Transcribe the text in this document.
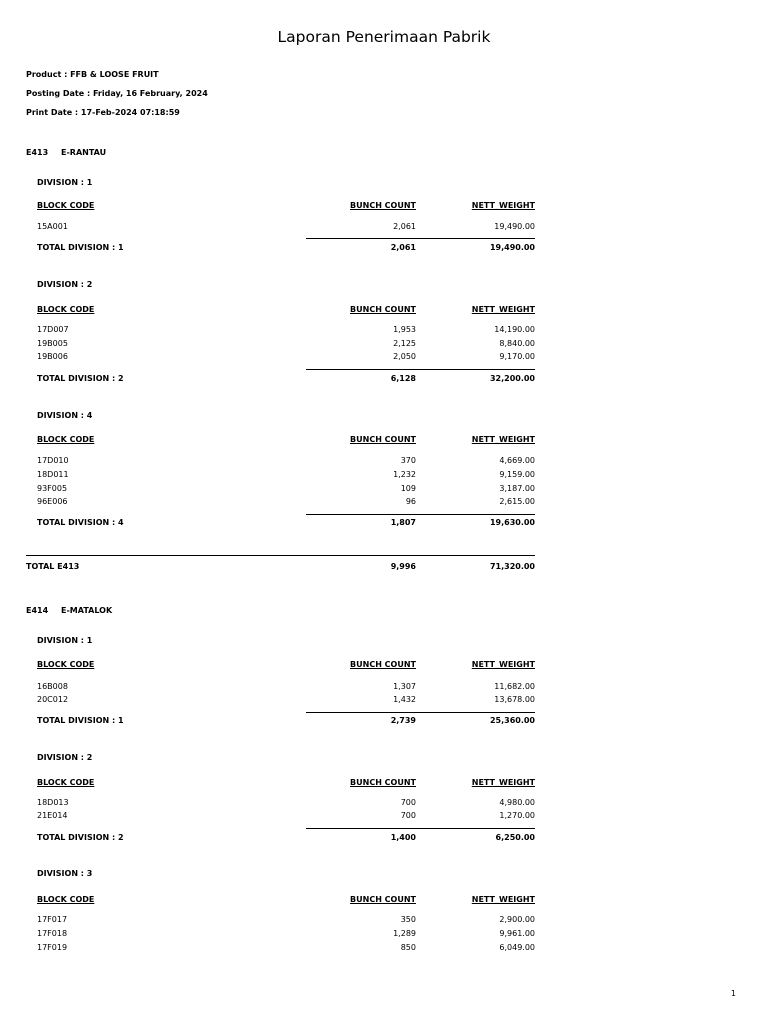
Laporan Penerimaan Pabrik
Product : FFB & LOOSE FRUIT
Posting Date : Friday, 16 February, 2024
Print Date : 17-Feb-2024 07:18:59
E413 E-RANTAU
DIVISION : 1
BLOCK CODE	BUNCH COUNT	NETT_WEIGHT
15A001	2,061	19,490.00
TOTAL DIVISION : 1	2,061	19,490.00
DIVISION : 2
BLOCK CODE	BUNCH COUNT	NETT_WEIGHT
17D007	1,953	14,190.00
19B005	2,125	8,840.00
19B006	2,050	9,170.00
TOTAL DIVISION : 2	6,128	32,200.00
DIVISION : 4
BLOCK CODE	BUNCH COUNT	NETT_WEIGHT
17D010	370	4,669.00
18D011	1,232	9,159.00
93F005	109	3,187.00
96E006	96	2,615.00
TOTAL DIVISION : 4	1,807	19,630.00
TOTAL E413	9,996	71,320.00
E414 E-MATALOK
DIVISION : 1
BLOCK CODE	BUNCH COUNT	NETT_WEIGHT
16B008	1,307	11,682.00
20C012	1,432	13,678.00
TOTAL DIVISION : 1	2,739	25,360.00
DIVISION : 2
BLOCK CODE	BUNCH COUNT	NETT_WEIGHT
18D013	700	4,980.00
21E014	700	1,270.00
TOTAL DIVISION : 2	1,400	6,250.00
DIVISION : 3
BLOCK CODE	BUNCH COUNT	NETT_WEIGHT
17F017	350	2,900.00
17F018	1,289	9,961.00
17F019	850	6,049.00
1
